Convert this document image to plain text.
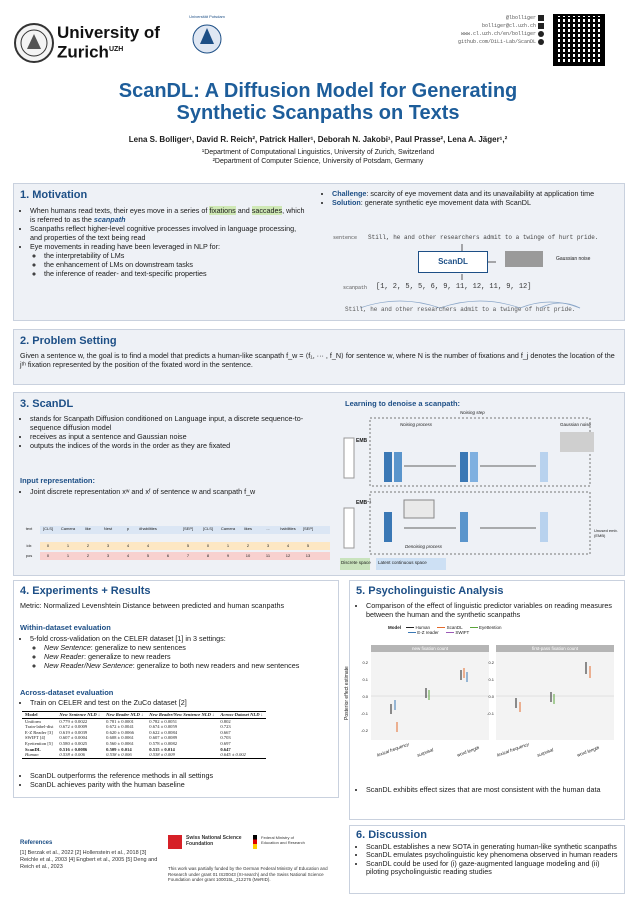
University of
Zurich$^{UZH}$
Universität Potsdam	@lbolliger
bolliger@cl.uzh.ch
www.cl.uzh.ch/en/bolliger
github.com/DiLi-Lab/ScanDL
ScanDL: A Diffusion Model for Generating
Synthetic Scanpaths on Texts
Lena S. Bolliger¹, David R. Reich², Patrick Haller¹, Deborah N. Jakobi¹, Paul Prasse², Lena A. Jäger¹,²
¹Department of Computational Linguistics, University of Zurich, Switzerland
²Department of Computer Science, University of Potsdam, Germany
1. Motivation
• When humans read texts, their eyes move in a series of fixations and saccades, which is referred to as the scanpath
• Scanpaths reflect higher-level cognitive processes involved in language processing, and properties of the text being read
• Eye movements in reading have been leveraged in NLP for:
◦ the interpretability of LMs
◦ the enhancement of LMs on downstream tasks
◦ the inference of reader- and text-specific properties
• Challenge: scarcity of eye movement data and its unavailability at application time
• Solution: generate synthetic eye movement data with ScanDL
sentence Still, he and other researchers admit to a twinge of hurt pride.
ScanDL	Gaussian noise
scanpath [1, 2, 5, 5, 6, 9, 11, 12, 11, 9, 12]
Still, he and other researchers admit to a twinge of hurt pride.
2. Problem Setting
Given a sentence w, the goal is to find a model that predicts a human-like scanpath f_w = ⟨f₁, ··· , f_N⟩ for sentence w, where N is the number of fixations and f_j denotes the location of the jᵗʰ fixation represented by the position of the fixated word in the sentence.
3. ScanDL
• stands for Scanpath Diffusion conditioned on Language input, a discrete sequence-to-sequence diffusion model
• receives as input a sentence and Gaussian noise
• outputs the indices of the words in the order as they are fixated
Input representation:
• Joint discrete representation xʷ and xᶠ of sentence w and scanpath f_w
text	[CLS] Camera like	Nest	p #habilities	[SEP] [CLS] Camera likes	...	habilities [SEP]
idx	0	1	2	3	4	4	5	0	1	2	3	4	5
pos	0	1	2	3	4	5	6	7	8	9	10	11	12	13
Learning to denoise a scanpath:
Noising step
Noising process	Gaussian noise
EMB
EMB⁻¹
Denoising process
Unused emb. (EMB)
Discrete space Latent continuous space
4. Experiments + Results
Metric: Normalized Levenshtein Distance between predicted and human scanpaths
Within-dataset evaluation
• 5-fold cross-validation on the CELER dataset [1] in 3 settings:
◦ New Sentence: generalize to new sentences
◦ New Reader: generalize to new readers
◦ New Reader/New Sentence: generalize to both new readers and new sentences
Across-dataset evaluation
• Train on CELER and test on the ZuCo dataset [2]
Model	New Sentence NLD ↓	New Reader NLD ↓	New Reader/New Sentence NLD ↓	Across-Dataset NLD ↓
Uniform	0.779 ± 0.0022	0.781 ± 0.0001	0.782 ± 0.0051	0.802
Train-label-dist	0.672 ± 0.0009	0.672 ± 0.0041	0.674 ± 0.0059	0.723
E-Z Reader [3]	0.619 ± 0.0039	0.620 ± 0.0066	0.622 ± 0.0084	0.667
SWIFT [4]	0.607 ± 0.0004	0.608 ± 0.0061	0.607 ± 0.0089	0.703
Eyettention [5]	0.580 ± 0.0025	0.560 ± 0.0061	0.578 ± 0.0082	0.697
ScanDL	0.516 ± 0.0086	0.509 ± 0.014	0.515 ± 0.014	0.647
Human	0.538 ± 0.006	0.538 ± 0.006	0.538 ± 0.009	0.645 ± 0.002
• ScanDL outperforms the reference methods in all settings
• ScanDL achieves parity with the human baseline
5. Psycholinguistic Analysis
• Comparison of the effect of linguistic predictor variables on reading measures between the human and the synthetic scanpaths
Model	Human	ScanDL	Eyettention
E-Z reader	SWIFT
Posterior effect estimate
new fixation count
0.2
0.1
0.0
-0.1
-0.2
first-pass fixation count
0.2
0.1
0.0
-0.1
lexical frequency surprisal	word length	lexical frequency surprisal	word length
• ScanDL exhibits effect sizes that are most consistent with the human data
6. Discussion
• ScanDL establishes a new SOTA in generating human-like synthetic scanpaths
• ScanDL emulates psycholinguistic key phenomena observed in human readers
• ScanDL could be used for (i) gaze-augmented language modeling and (ii) piloting psycholinguistic reading studies
References
[1] Berzak et al., 2022 [2] Hollenstein et al., 2018 [3] Reichle et al., 2003 [4] Engbert et al., 2005 [5] Deng and Reich et al., 2023
Swiss National Science Foundation
Federal Ministry of Education and Research
This work was partially funded by the German Federal Ministry of Education and Research under grant 01 IS20043 (XI-search) and the Swiss National Science Foundation under grant 100015L_212276 (MeRID).
